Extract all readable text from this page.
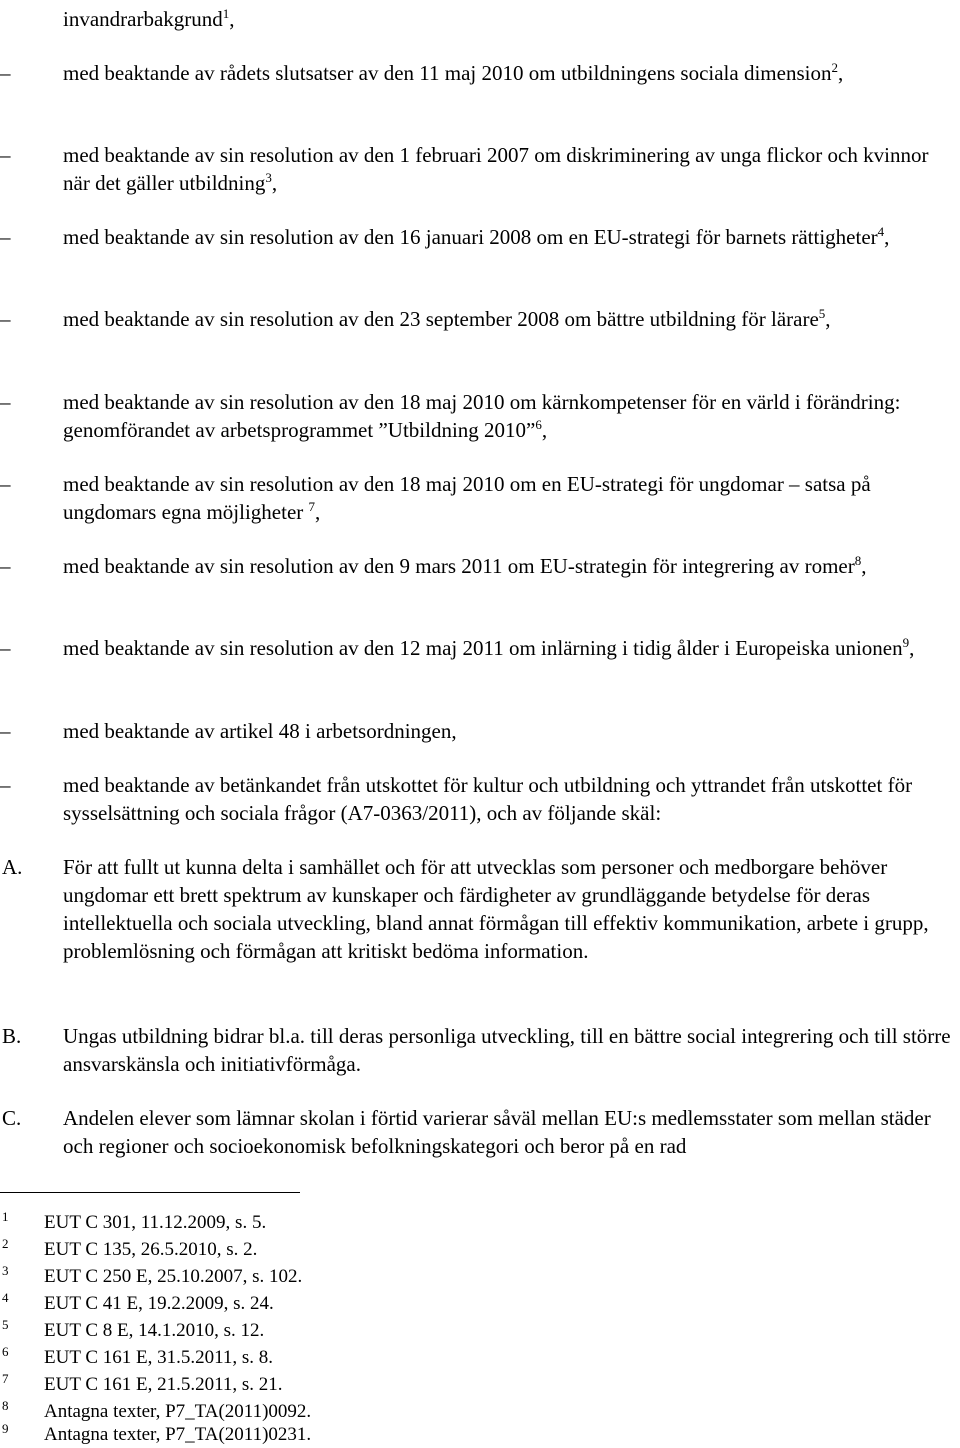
invandrarbakgrund$^1$,
–	med beaktande av rådets slutsatser av den 11 maj 2010 om utbildningens sociala dimension$^2$,
–	med beaktande av sin resolution av den 1 februari 2007 om diskriminering av unga flickor och kvinnor när det gäller utbildning$^3$,
–	med beaktande av sin resolution av den 16 januari 2008 om en EU-strategi för barnets rättigheter$^4$,
–	med beaktande av sin resolution av den 23 september 2008 om bättre utbildning för lärare$^5$,
–	med beaktande av sin resolution av den 18 maj 2010 om kärnkompetenser för en värld i förändring: genomförandet av arbetsprogrammet ”Utbildning 2010”$^6$,
–	med beaktande av sin resolution av den 18 maj 2010 om en EU-strategi för ungdomar – satsa på ungdomars egna möjligheter $^7$,
–	med beaktande av sin resolution av den 9 mars 2011 om EU-strategin för integrering av romer$^8$,
–	med beaktande av sin resolution av den 12 maj 2011 om inlärning i tidig ålder i Europeiska unionen$^9$,
–	med beaktande av artikel 48 i arbetsordningen,
–	med beaktande av betänkandet från utskottet för kultur och utbildning och yttrandet från utskottet för sysselsättning och sociala frågor (A7-0363/2011), och av följande skäl:
A.	För att fullt ut kunna delta i samhället och för att utvecklas som personer och medborgare behöver ungdomar ett brett spektrum av kunskaper och färdigheter av grundläggande betydelse för deras intellektuella och sociala utveckling, bland annat förmågan till effektiv kommunikation, arbete i grupp, problemlösning och förmågan att kritiskt bedöma information.
B.	Ungas utbildning bidrar bl.a. till deras personliga utveckling, till en bättre social integrering och till större ansvarskänsla och initiativförmåga.
C.	Andelen elever som lämnar skolan i förtid varierar såväl mellan EU:s medlemsstater som mellan städer och regioner och socioekonomisk befolkningskategori och beror på en rad
1 EUT C 301, 11.12.2009, s. 5.
2 EUT C 135, 26.5.2010, s. 2.
3 EUT C 250 E, 25.10.2007, s. 102.
4 EUT C 41 E, 19.2.2009, s. 24.
5 EUT C 8 E, 14.1.2010, s. 12.
6 EUT C 161 E, 31.5.2011, s. 8.
7 EUT C 161 E, 21.5.2011, s. 21.
8 Antagna texter, P7_TA(2011)0092.
9 Antagna texter, P7_TA(2011)0231.
